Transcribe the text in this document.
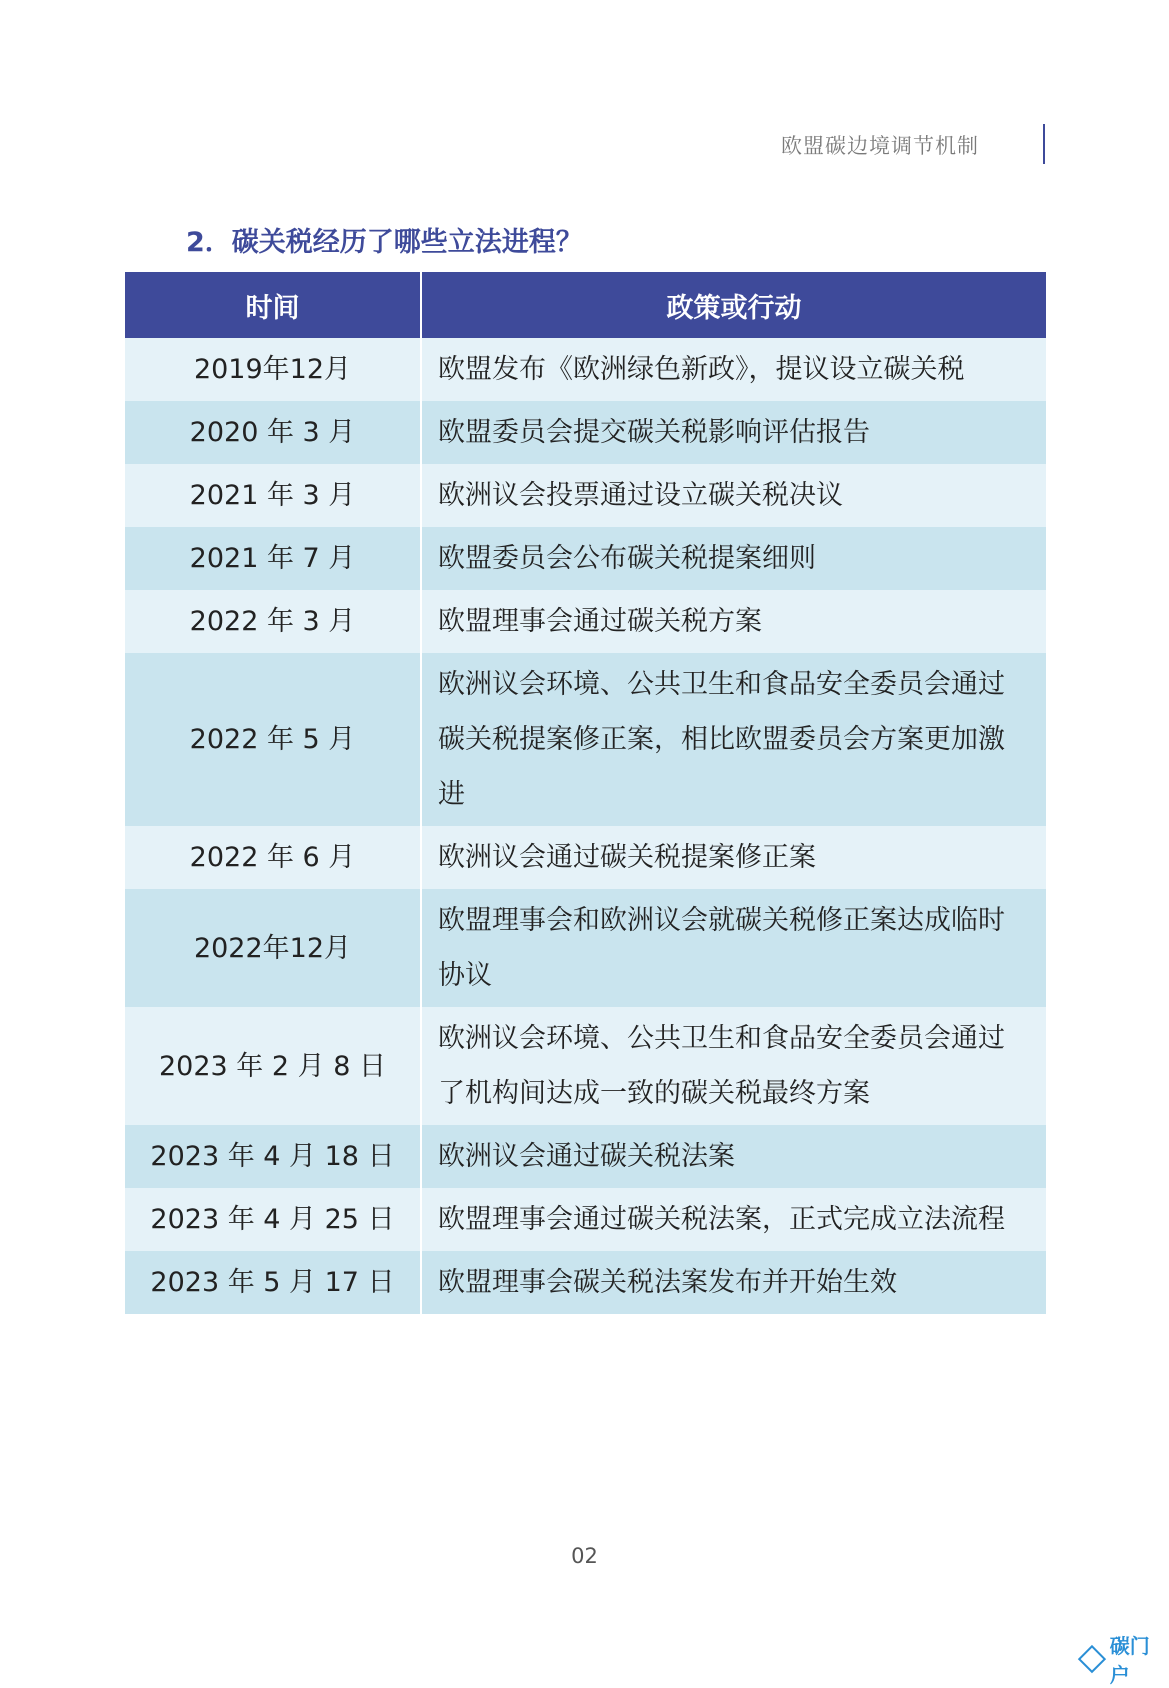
欧盟碳边境调节机制
2．碳关税经历了哪些立法进程？
时间	政策或行动
2019年12月	欧盟发布《欧洲绿色新政》，提议设立碳关税
2020 年 3 月	欧盟委员会提交碳关税影响评估报告
2021 年 3 月	欧洲议会投票通过设立碳关税决议
2021 年 7 月	欧盟委员会公布碳关税提案细则
2022 年 3 月	欧盟理事会通过碳关税方案
2022 年 5 月	欧洲议会环境、公共卫生和食品安全委员会通过碳关税提案修正案，相比欧盟委员会方案更加激进
2022 年 6 月	欧洲议会通过碳关税提案修正案
2022年12月	欧盟理事会和欧洲议会就碳关税修正案达成临时协议
2023 年 2 月 8 日	欧洲议会环境、公共卫生和食品安全委员会通过了机构间达成一致的碳关税最终方案
2023 年 4 月 18 日	欧洲议会通过碳关税法案
2023 年 4 月 25 日	欧盟理事会通过碳关税法案，正式完成立法流程
2023 年 5 月 17 日	欧盟理事会碳关税法案发布并开始生效
02
碳门户
